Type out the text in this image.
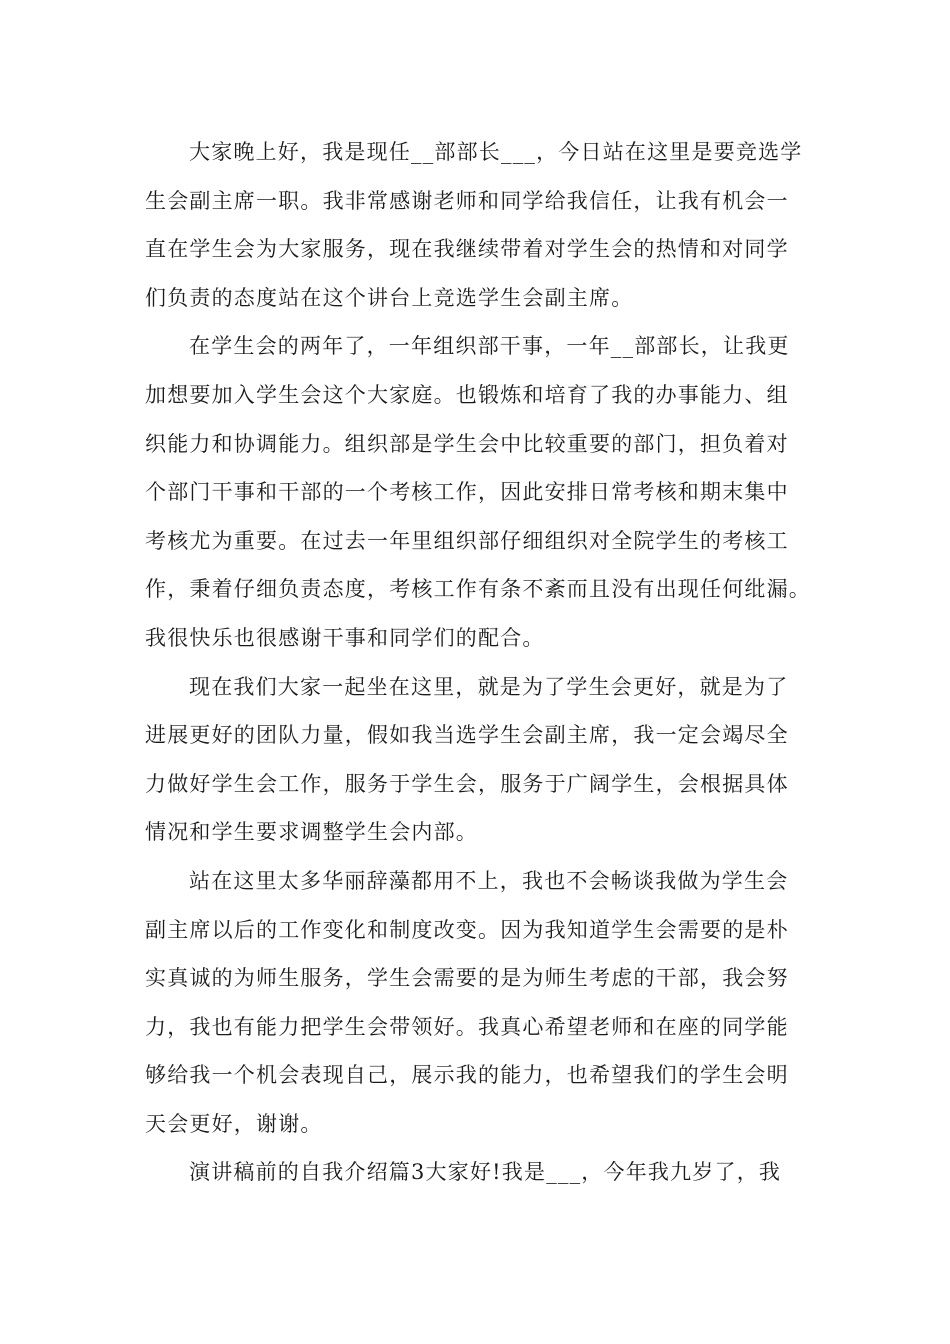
大家晚上好，我是现任__部部长___，今日站在这里是要竞选学
生会副主席一职。我非常感谢老师和同学给我信任，让我有机会一
直在学生会为大家服务，现在我继续带着对学生会的热情和对同学
们负责的态度站在这个讲台上竞选学生会副主席。
在学生会的两年了，一年组织部干事，一年__部部长，让我更
加想要加入学生会这个大家庭。也锻炼和培育了我的办事能力、组
织能力和协调能力。组织部是学生会中比较重要的部门，担负着对
个部门干事和干部的一个考核工作，因此安排日常考核和期末集中
考核尤为重要。在过去一年里组织部仔细组织对全院学生的考核工
作，秉着仔细负责态度，考核工作有条不紊而且没有出现任何纰漏。
我很快乐也很感谢干事和同学们的配合。
现在我们大家一起坐在这里，就是为了学生会更好，就是为了
进展更好的团队力量，假如我当选学生会副主席，我一定会竭尽全
力做好学生会工作，服务于学生会，服务于广阔学生，会根据具体
情况和学生要求调整学生会内部。
站在这里太多华丽辞藻都用不上，我也不会畅谈我做为学生会
副主席以后的工作变化和制度改变。因为我知道学生会需要的是朴
实真诚的为师生服务，学生会需要的是为师生考虑的干部，我会努
力，我也有能力把学生会带领好。我真心希望老师和在座的同学能
够给我一个机会表现自己，展示我的能力，也希望我们的学生会明
天会更好，谢谢。
演讲稿前的自我介绍篇3大家好!我是___，今年我九岁了，我
